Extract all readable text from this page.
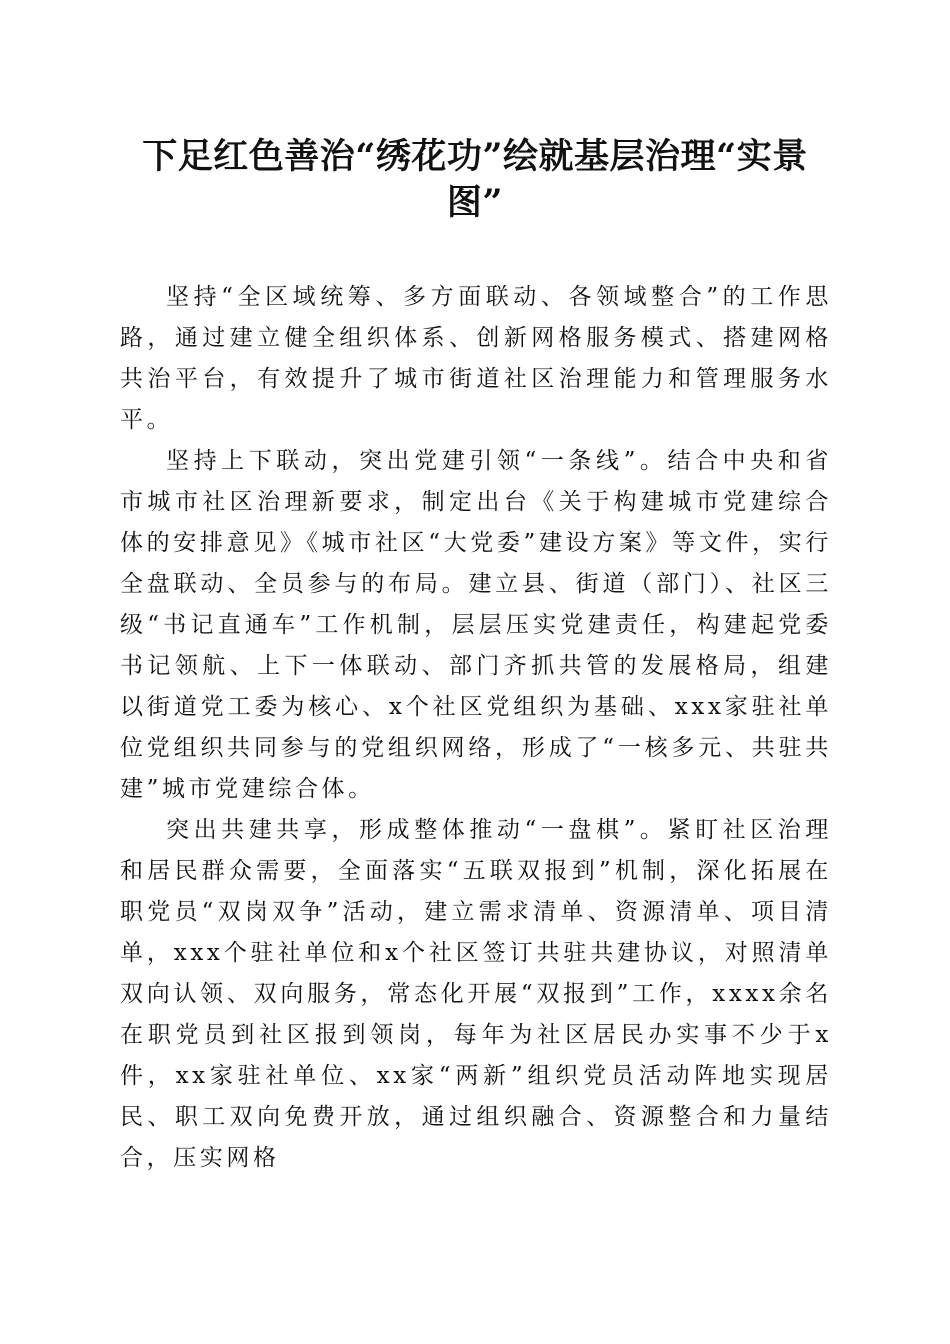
下足红色善治“绣花功”绘就基层治理“实景图”

坚持“全区域统筹、多方面联动、各领域整合”的工作思路，通过建立健全组织体系、创新网格服务模式、搭建网格共治平台，有效提升了城市街道社区治理能力和管理服务水平。

坚持上下联动，突出党建引领“一条线”。结合中央和省市城市社区治理新要求，制定出台《关于构建城市党建综合体的安排意见》《城市社区“大党委”建设方案》等文件，实行全盘联动、全员参与的布局。建立县、街道（部门）、社区三级“书记直通车”工作机制，层层压实党建责任，构建起党委书记领航、上下一体联动、部门齐抓共管的发展格局，组建以街道党工委为核心、x个社区党组织为基础、xxx家驻社单位党组织共同参与的党组织网络，形成了“一核多元、共驻共建”城市党建综合体。

突出共建共享，形成整体推动“一盘棋”。紧盯社区治理和居民群众需要，全面落实“五联双报到”机制，深化拓展在职党员“双岗双争”活动，建立需求清单、资源清单、项目清单，xxx个驻社单位和x个社区签订共驻共建协议，对照清单双向认领、双向服务，常态化开展“双报到”工作，xxxx余名在职党员到社区报到领岗，每年为社区居民办实事不少于x件，xx家驻社单位、xx家“两新”组织党员活动阵地实现居民、职工双向免费开放，通过组织融合、资源整合和力量结合，压实网格
